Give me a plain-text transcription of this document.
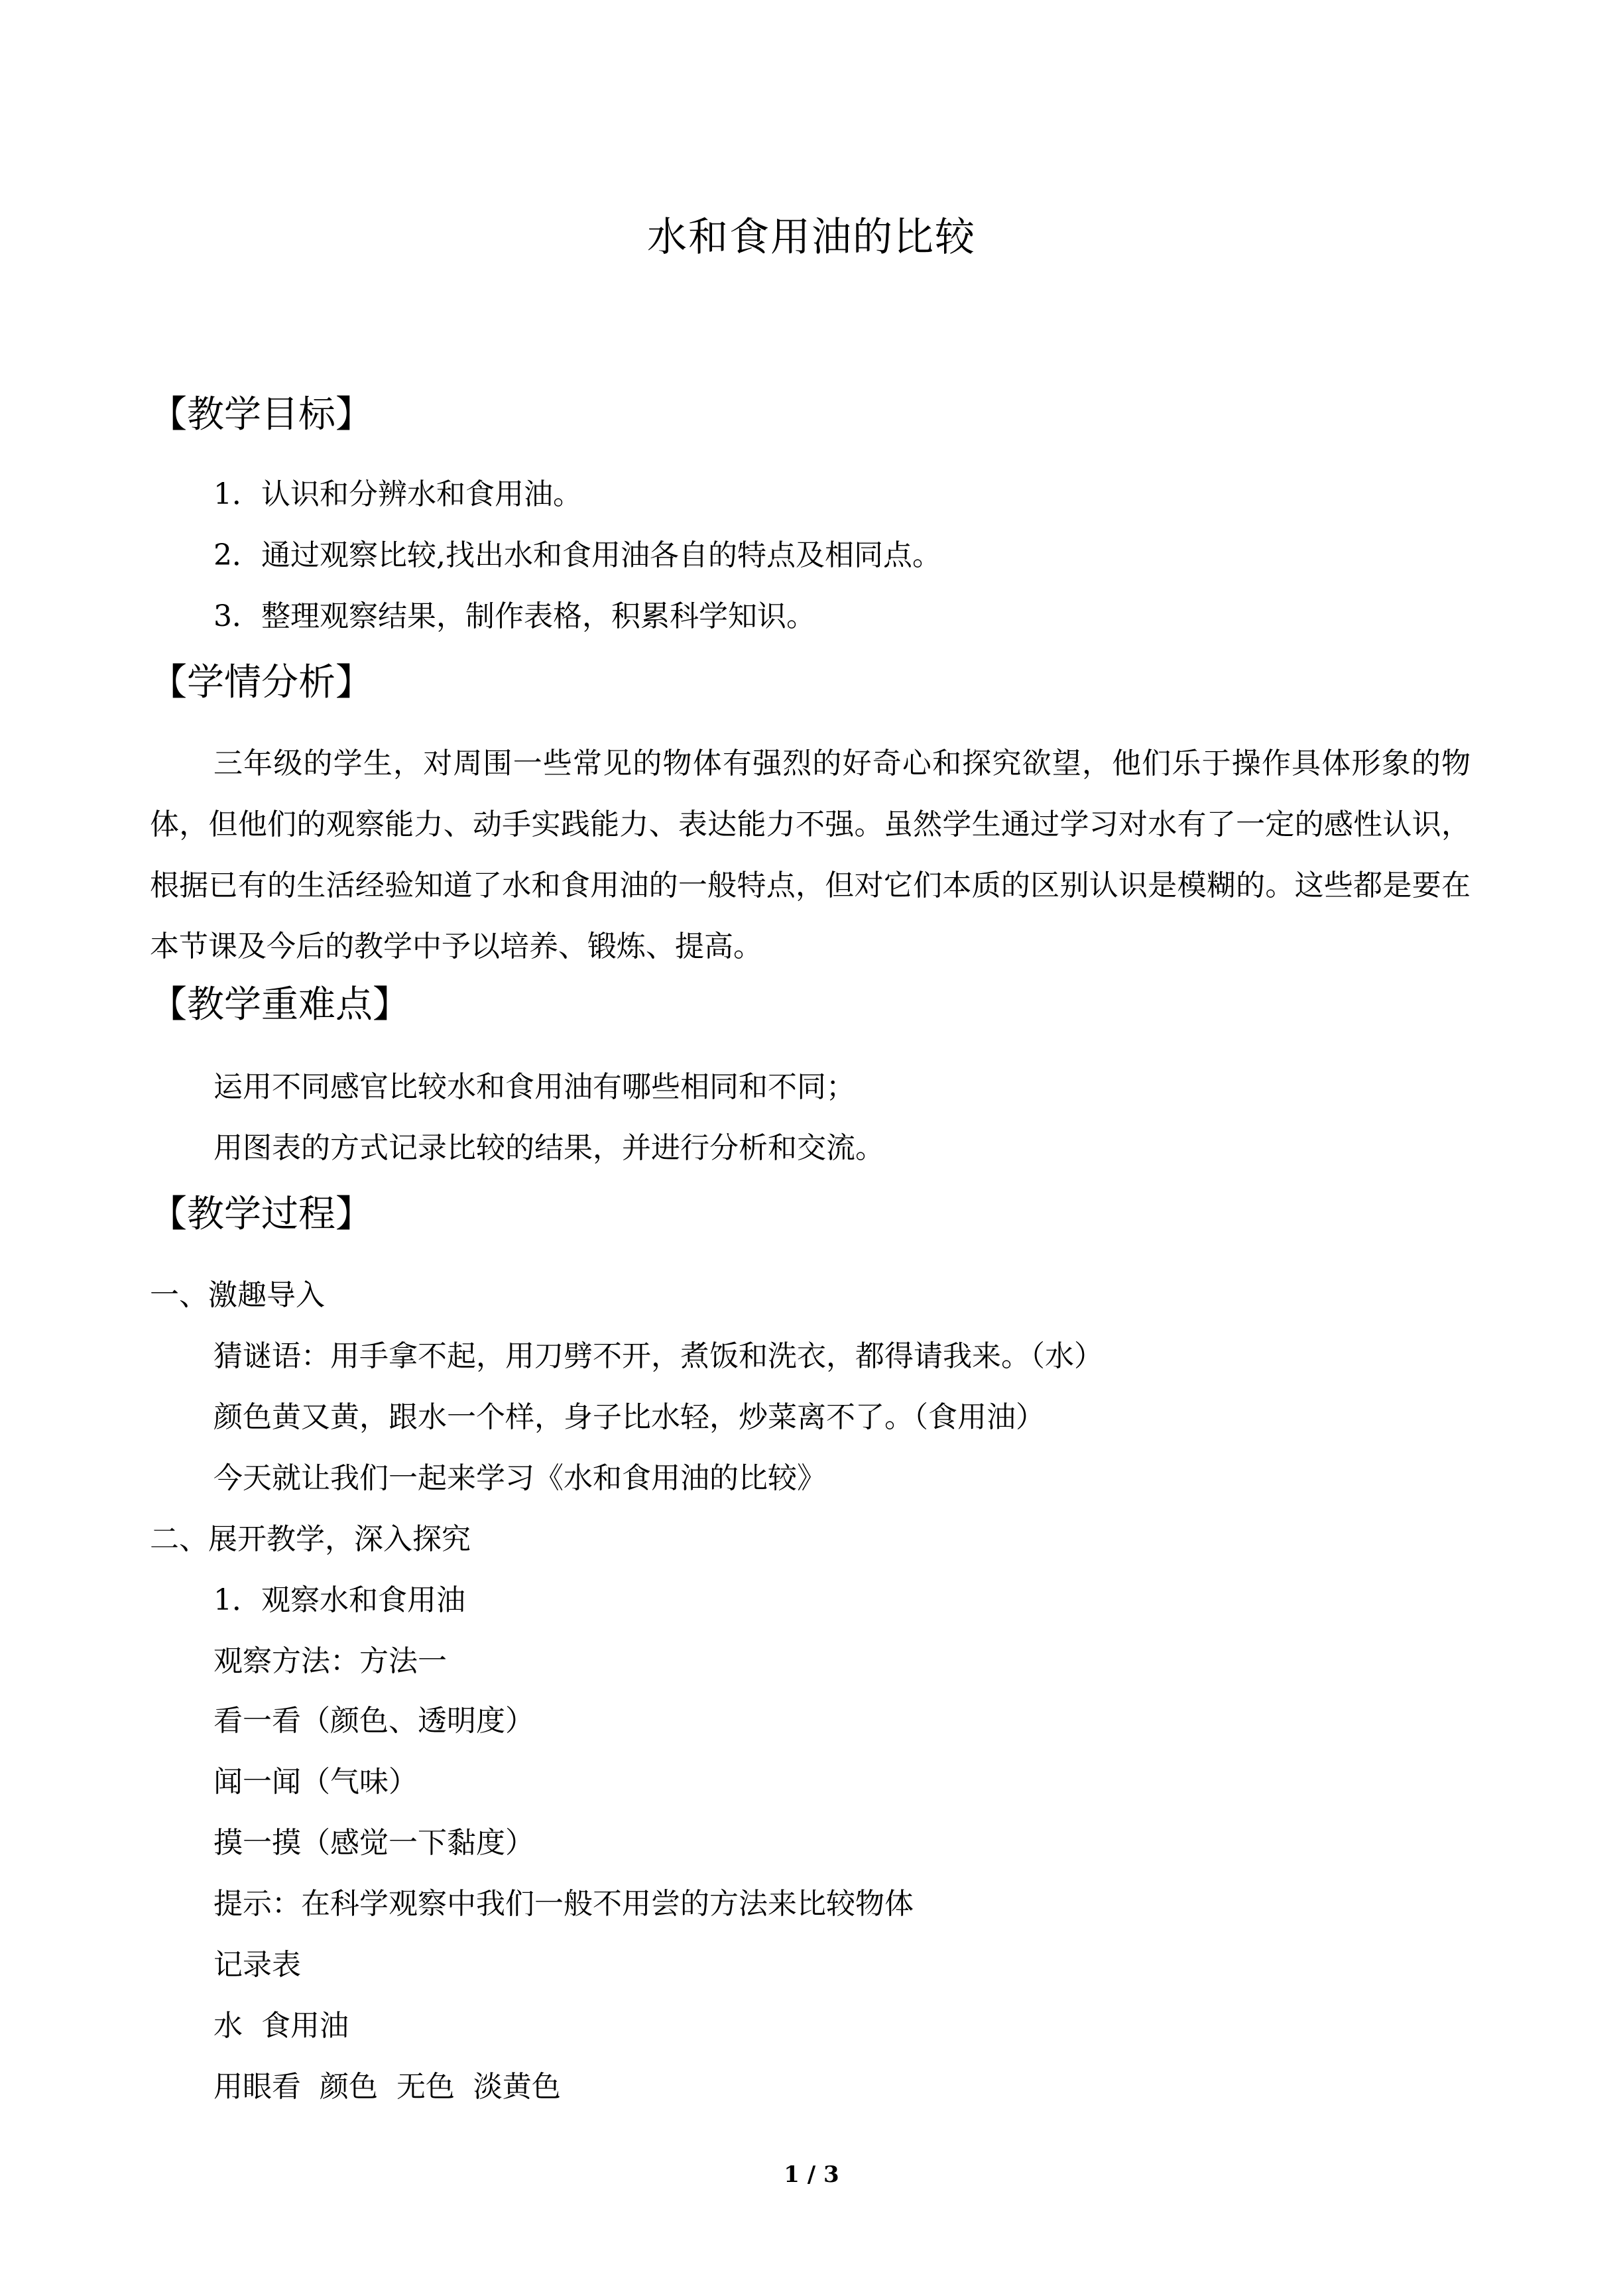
水和食用油的比较
【教学目标】
1．认识和分辨水和食用油。
2．通过观察比较,找出水和食用油各自的特点及相同点。
3．整理观察结果，制作表格，积累科学知识。
【学情分析】
三年级的学生，对周围一些常见的物体有强烈的好奇心和探究欲望，他们乐于操作具体形象的物体，但他们的观察能力、动手实践能力、表达能力不强。虽然学生通过学习对水有了一定的感性认识，根据已有的生活经验知道了水和食用油的一般特点，但对它们本质的区别认识是模糊的。这些都是要在本节课及今后的教学中予以培养、锻炼、提高。
【教学重难点】
运用不同感官比较水和食用油有哪些相同和不同；
用图表的方式记录比较的结果，并进行分析和交流。
【教学过程】
一、激趣导入
猜谜语：用手拿不起，用刀劈不开，煮饭和洗衣，都得请我来。（水）
颜色黄又黄，跟水一个样，身子比水轻，炒菜离不了。（食用油）
今天就让我们一起来学习《水和食用油的比较》
二、展开教学，深入探究
1．观察水和食用油
观察方法：方法一
看一看（颜色、透明度）
闻一闻（气味）
摸一摸（感觉一下黏度）
提示：在科学观察中我们一般不用尝的方法来比较物体
记录表
水  食用油
用眼看  颜色  无色  淡黄色
1 / 3
